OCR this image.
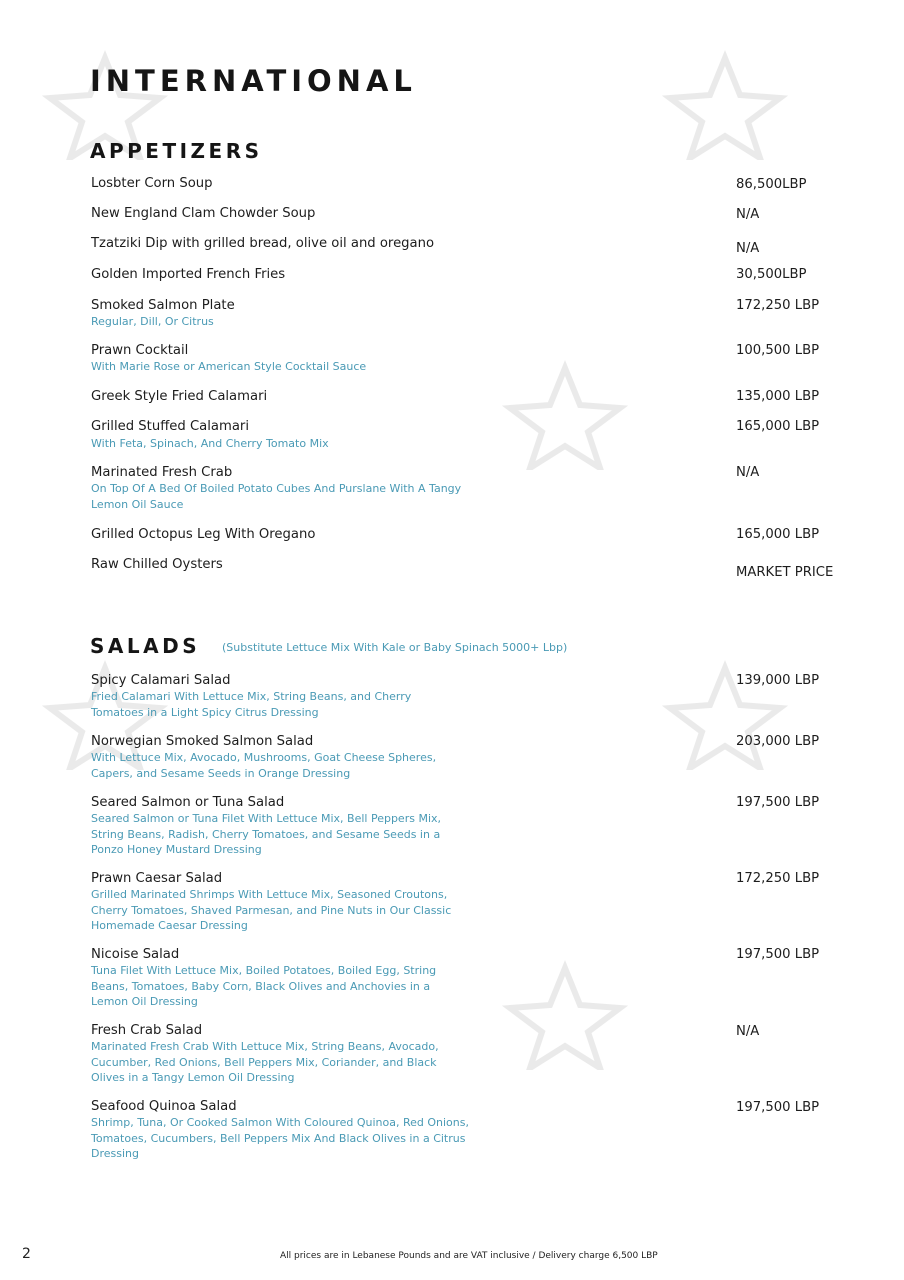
INTERNATIONAL
APPETIZERS
Losbter Corn Soup	86,500LBP
New England Clam Chowder Soup	N/A
Tzatziki Dip with grilled bread, olive oil and oregano	N/A
Golden Imported French Fries	30,500LBP
Smoked Salmon Plate
Regular, Dill, Or Citrus
172,250 LBP
Prawn Cocktail
With Marie Rose or American Style Cocktail Sauce
100,500 LBP
Greek Style Fried Calamari	135,000 LBP
Grilled Stuffed Calamari
With Feta, Spinach, And Cherry Tomato Mix
165,000 LBP
Marinated Fresh Crab
On Top Of A Bed Of Boiled Potato Cubes And Purslane With A Tangy Lemon Oil Sauce
N/A
Grilled Octopus Leg With Oregano	165,000 LBP
Raw Chilled Oysters
MARKET PRICE
SALADS (Substitute Lettuce Mix With Kale or Baby Spinach 5000+ Lbp)
Spicy Calamari Salad
Fried Calamari With Lettuce Mix, String Beans, and Cherry Tomatoes in a Light Spicy Citrus Dressing
139,000 LBP
Norwegian Smoked Salmon Salad
With Lettuce Mix, Avocado, Mushrooms, Goat Cheese Spheres, Capers, and Sesame Seeds in Orange Dressing
203,000 LBP
Seared Salmon or Tuna Salad
Seared Salmon or Tuna Filet With Lettuce Mix, Bell Peppers Mix, String Beans, Radish, Cherry Tomatoes, and Sesame Seeds in a Ponzo Honey Mustard Dressing
197,500 LBP
Prawn Caesar Salad
Grilled Marinated Shrimps With Lettuce Mix, Seasoned Croutons, Cherry Tomatoes, Shaved Parmesan, and Pine Nuts in Our Classic Homemade Caesar Dressing
172,250 LBP
Nicoise Salad
Tuna Filet With Lettuce Mix, Boiled Potatoes, Boiled Egg, String Beans, Tomatoes, Baby Corn, Black Olives and Anchovies in a Lemon Oil Dressing
197,500 LBP
Fresh Crab Salad
Marinated Fresh Crab With Lettuce Mix, String Beans, Avocado, Cucumber, Red Onions, Bell Peppers Mix, Coriander, and Black Olives in a Tangy Lemon Oil Dressing
N/A
Seafood Quinoa Salad
Shrimp, Tuna, Or Cooked Salmon With Coloured Quinoa, Red Onions, Tomatoes, Cucumbers, Bell Peppers Mix And Black Olives in a Citrus Dressing
197,500 LBP
2	All prices are in Lebanese Pounds and are VAT inclusive / Delivery charge 6,500 LBP
